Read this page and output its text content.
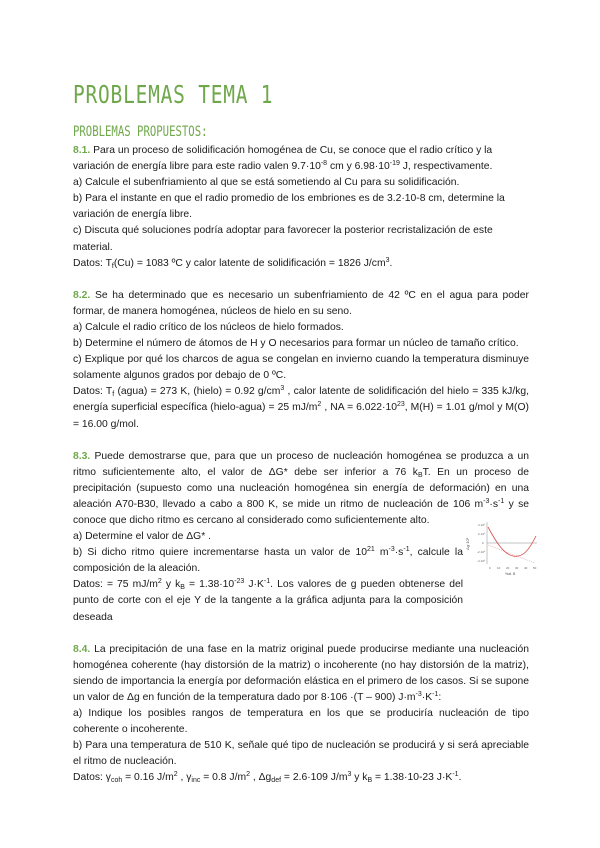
PROBLEMAS TEMA 1
PROBLEMAS PROPUESTOS:
8.1. Para un proceso de solidificación homogénea de Cu, se conoce que el radio crítico y la variación de energía libre para este radio valen $9.7\cdot 10^{-8}$ cm y $6.98\cdot 10^{-19}$ J, respectivamente.
a) Calcule el subenfriamiento al que se está sometiendo al Cu para su solidificación.
b) Para el instante en que el radio promedio de los embriones es de 3.2·10-8 cm, determine la variación de energía libre.
c) Discuta qué soluciones podría adoptar para favorecer la posterior recristalización de este material.
Datos: $T_f(Cu) = 1083$ ºC y calor latente de solidificación = 1826 $J/cm^3$.
8.2. Se ha determinado que es necesario un subenfriamiento de 42 ºC en el agua para poder formar, de manera homogénea, núcleos de hielo en su seno.
a) Calcule el radio crítico de los núcleos de hielo formados.
b) Determine el número de átomos de H y O necesarios para formar un núcleo de tamaño crítico.
c) Explique por qué los charcos de agua se congelan en invierno cuando la temperatura disminuye solamente algunos grados por debajo de 0 ºC.
Datos: $T_f$ (agua) = 273 K, (hielo) = 0.92 $g/cm^3$ , calor latente de solidificación del hielo = 335 kJ/kg, energía superficial específica (hielo-agua) = 25 $mJ/m^2$ , NA = $6.022\cdot 10^{23}$, M(H) = 1.01 g/mol y M(O) = 16.00 g/mol.
8.3. Puede demostrarse que, para que un proceso de nucleación homogénea se produzca a un ritmo suficientemente alto, el valor de ΔG* debe ser inferior a 76 $k_BT$. En un proceso de precipitación (supuesto como una nucleación homogénea sin energía de deformación) en una aleación A70-B30, llevado a cabo a 800 K, se mide un ritmo de nucleación de 106 $m^{-3}\cdot s^{-1}$ y se conoce que dicho ritmo es cercano al considerado como suficientemente alto.
a) Determine el valor de ΔG* .
b) Si dicho ritmo quiere incrementarse hasta un valor de $10^{21}$ $m^{-3}\cdot s^{-1}$, calcule la composición de la aleación.
Datos: = 75 $mJ/m^2$ y $k_B = 1.38\cdot 10^{-23}$ $J\cdot K^{-1}$. Los valores de g pueden obtenerse del punto de corte con el eje Y de la tangente a la gráfica adjunta para la composición deseada
8.4. La precipitación de una fase en la matriz original puede producirse mediante una nucleación homogénea coherente (hay distorsión de la matriz) o incoherente (no hay distorsión de la matriz), siendo de importancia la energía por deformación elástica en el primero de los casos. Si se supone un valor de Δg en función de la temperatura dado por 8·106 ·(T – 900) $J\cdot m^{-3}\cdot K^{-1}$:
a) Indique los posibles rangos de temperatura en los que se produciría nucleación de tipo coherente o incoherente.
b) Para una temperatura de 510 K, señale qué tipo de nucleación se producirá y si será apreciable el ritmo de nucleación.
Datos: $\gamma_{coh} = 0.16$ $J/m^2$ , $\gamma_{inc} = 0.8$ $J/m^2$ , $\Delta g_{def} = 2.6\cdot 109$ $J/m^3$ y $k_B = 1.38\cdot 10-23$ $J\cdot K^{-1}$.
Δg·10⁹
4·10⁹
2·10⁹
0
-2·10⁹
-4·10⁹
0 10 20 30 40 50
%at. B
